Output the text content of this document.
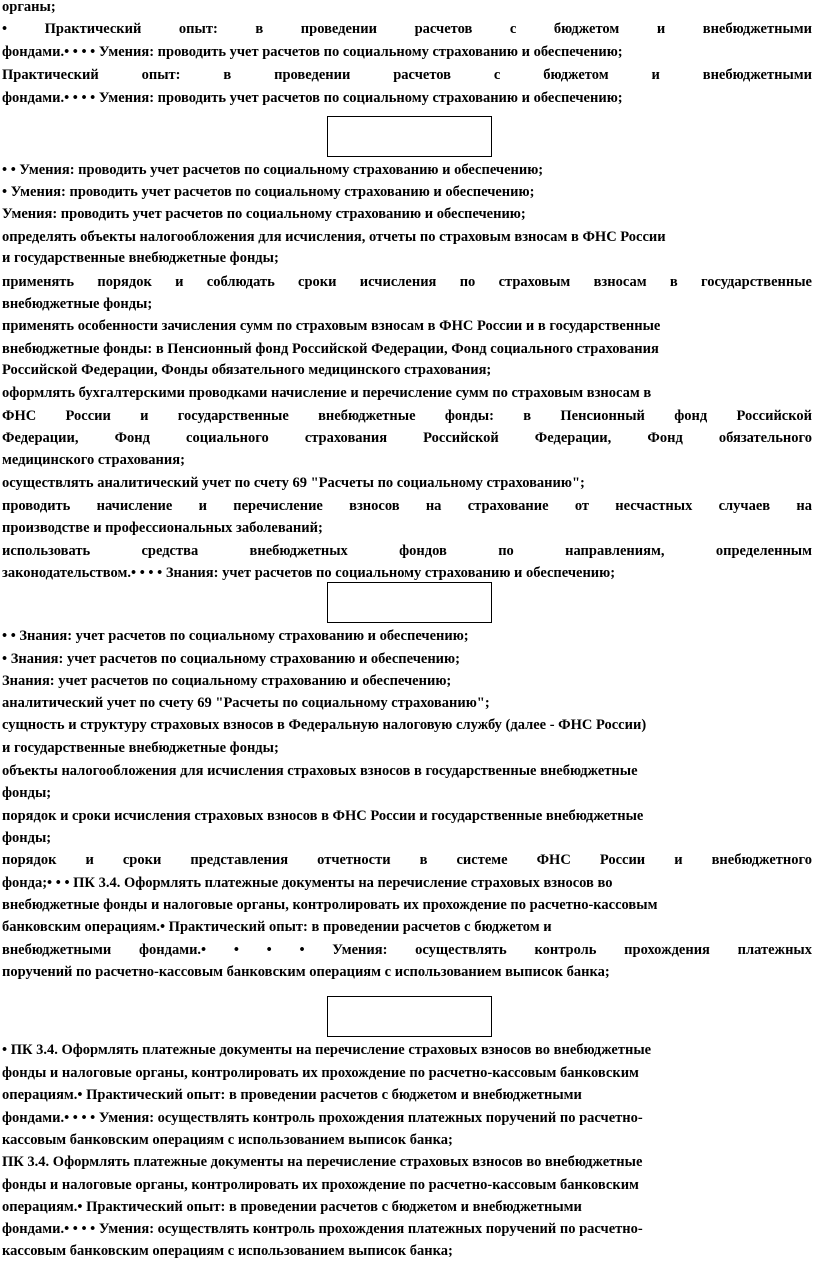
органы;
• Практический опыт: в проведении расчетов с бюджетом и внебюджетными
фондами.• • • • Умения: проводить учет расчетов по социальному страхованию и обеспечению;
Практический опыт: в проведении расчетов с бюджетом и внебюджетными
фондами.• • • • Умения: проводить учет расчетов по социальному страхованию и обеспечению;
• • Умения: проводить учет расчетов по социальному страхованию и обеспечению;
• Умения: проводить учет расчетов по социальному страхованию и обеспечению;
Умения: проводить учет расчетов по социальному страхованию и обеспечению;
определять объекты налогообложения для исчисления, отчеты по страховым взносам в ФНС России
и государственные внебюджетные фонды;
применять порядок и соблюдать сроки исчисления по страховым взносам в государственные
внебюджетные фонды;
применять особенности зачисления сумм по страховым взносам в ФНС России и в государственные
внебюджетные фонды: в Пенсионный фонд Российской Федерации, Фонд социального страхования
Российской Федерации, Фонды обязательного медицинского страхования;
оформлять бухгалтерскими проводками начисление и перечисление сумм по страховым взносам в
ФНС России и государственные внебюджетные фонды: в Пенсионный фонд Российской
Федерации, Фонд социального страхования Российской Федерации, Фонд обязательного
медицинского страхования;
осуществлять аналитический учет по счету 69 "Расчеты по социальному страхованию";
проводить начисление и перечисление взносов на страхование от несчастных случаев на
производстве и профессиональных заболеваний;
использовать средства внебюджетных фондов по направлениям, определенным
законодательством.• • • • Знания: учет расчетов по социальному страхованию и обеспечению;
• • Знания: учет расчетов по социальному страхованию и обеспечению;
• Знания: учет расчетов по социальному страхованию и обеспечению;
Знания: учет расчетов по социальному страхованию и обеспечению;
аналитический учет по счету 69 "Расчеты по социальному страхованию";
сущность и структуру страховых взносов в Федеральную налоговую службу (далее - ФНС России)
и государственные внебюджетные фонды;
объекты налогообложения для исчисления страховых взносов в государственные внебюджетные
фонды;
порядок и сроки исчисления страховых взносов в ФНС России и государственные внебюджетные
фонды;
порядок и сроки представления отчетности в системе ФНС России и внебюджетного
фонда;• • • ПК 3.4. Оформлять платежные документы на перечисление страховых взносов во
внебюджетные фонды и налоговые органы, контролировать их прохождение по расчетно-кассовым
банковским операциям.• Практический опыт: в проведении расчетов с бюджетом и
внебюджетными фондами.• • • • Умения: осуществлять контроль прохождения платежных
поручений по расчетно-кассовым банковским операциям с использованием выписок банка;
• ПК 3.4. Оформлять платежные документы на перечисление страховых взносов во внебюджетные
фонды и налоговые органы, контролировать их прохождение по расчетно-кассовым банковским
операциям.• Практический опыт: в проведении расчетов с бюджетом и внебюджетными
фондами.• • • • Умения: осуществлять контроль прохождения платежных поручений по расчетно-
кассовым банковским операциям с использованием выписок банка;
ПК 3.4. Оформлять платежные документы на перечисление страховых взносов во внебюджетные
фонды и налоговые органы, контролировать их прохождение по расчетно-кассовым банковским
операциям.• Практический опыт: в проведении расчетов с бюджетом и внебюджетными
фондами.• • • • Умения: осуществлять контроль прохождения платежных поручений по расчетно-
кассовым банковским операциям с использованием выписок банка;
